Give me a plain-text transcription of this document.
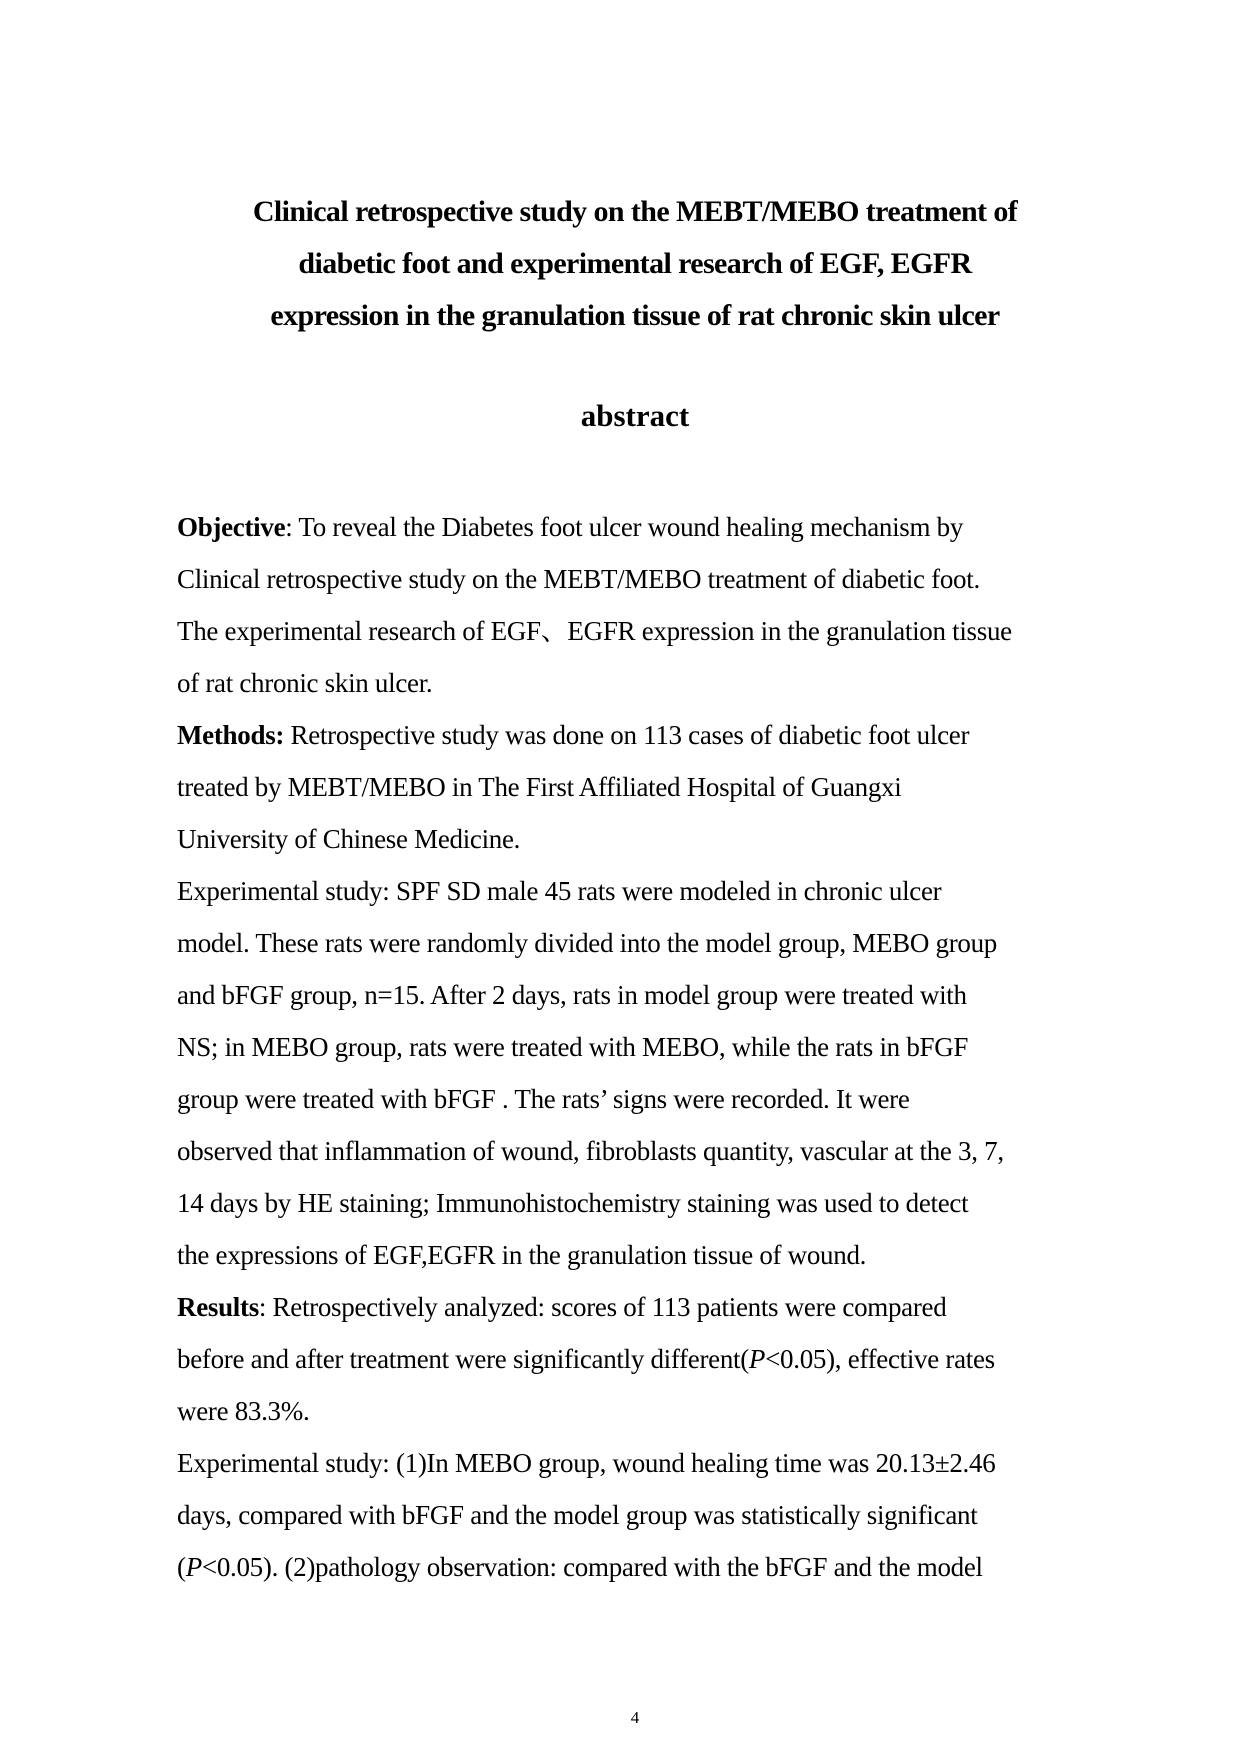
Clinical retrospective study on the MEBT/MEBO treatment of
diabetic foot and experimental research of EGF, EGFR
expression in the granulation tissue of rat chronic skin ulcer
abstract
Objective: To reveal the Diabetes foot ulcer wound healing mechanism by
Clinical retrospective study on the MEBT/MEBO treatment of diabetic foot.
The experimental research of EGF、EGFR expression in the granulation tissue
of rat chronic skin ulcer.
Methods: Retrospective study was done on 113 cases of diabetic foot ulcer
treated by MEBT/MEBO in The First Affiliated Hospital of Guangxi
University of Chinese Medicine.
Experimental study: SPF SD male 45 rats were modeled in chronic ulcer
model. These rats were randomly divided into the model group, MEBO group
and bFGF group, n=15. After 2 days, rats in model group were treated with
NS; in MEBO group, rats were treated with MEBO, while the rats in bFGF
group were treated with bFGF . The rats’ signs were recorded. It were
observed that inflammation of wound, fibroblasts quantity, vascular at the 3, 7,
14 days by HE staining; Immunohistochemistry staining was used to detect
the expressions of EGF,EGFR in the granulation tissue of wound.
Results: Retrospectively analyzed: scores of 113 patients were compared
before and after treatment were significantly different(P<0.05), effective rates
were 83.3%.
Experimental study: (1)In MEBO group, wound healing time was 20.13±2.46
days, compared with bFGF and the model group was statistically significant
(P<0.05). (2)pathology observation: compared with the bFGF and the model
4
